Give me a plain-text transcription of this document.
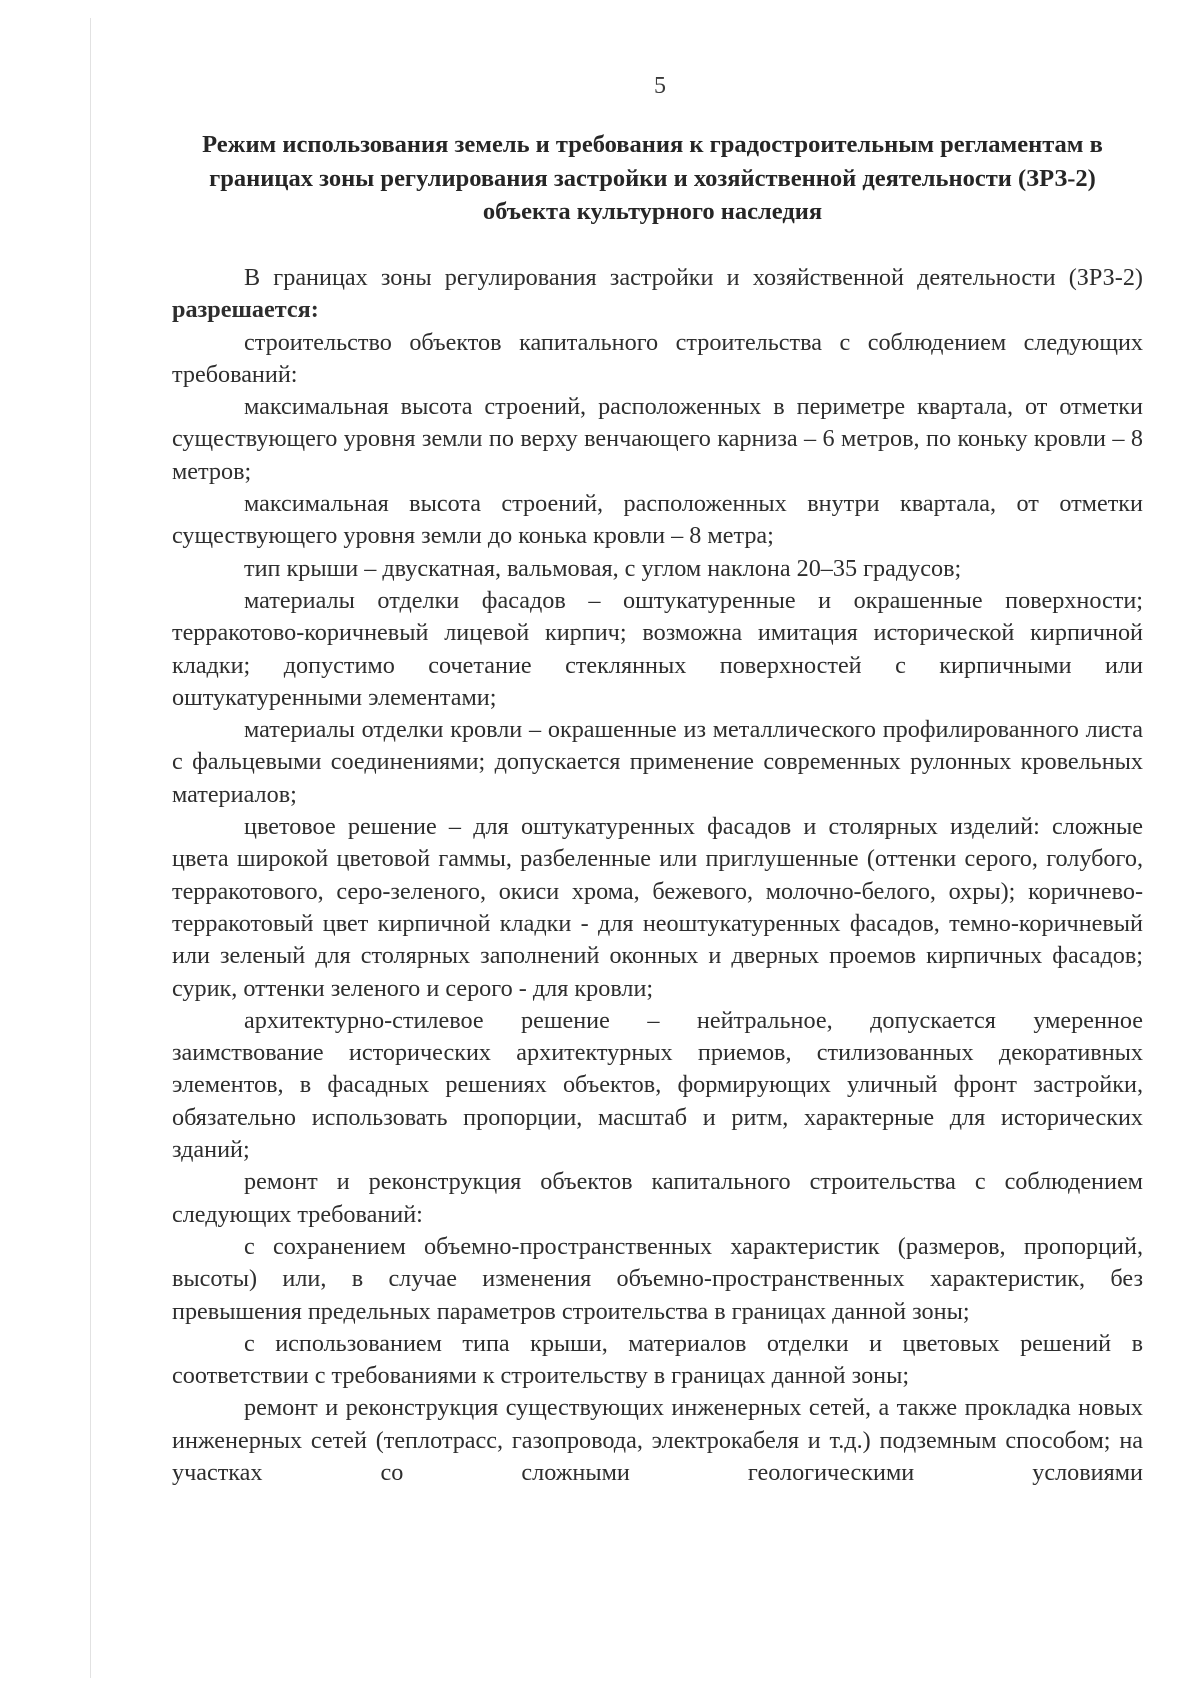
5
Режим использования земель и требования к градостроительным регламентам в границах зоны регулирования застройки и хозяйственной деятельности (ЗРЗ-2) объекта культурного наследия

В границах зоны регулирования застройки и хозяйственной деятельности (ЗРЗ-2) разрешается:

строительство объектов капитального строительства с соблюдением следующих требований:

максимальная высота строений, расположенных в периметре квартала, от отметки существующего уровня земли по верху венчающего карниза – 6 метров, по коньку кровли – 8 метров;

максимальная высота строений, расположенных внутри квартала, от отметки существующего уровня земли до конька кровли – 8 метра;

тип крыши – двускатная, вальмовая, с углом наклона 20–35 градусов;

материалы отделки фасадов – оштукатуренные и окрашенные поверхности; терракотово-коричневый лицевой кирпич; возможна имитация исторической кирпичной кладки; допустимо сочетание стеклянных поверхностей с кирпичными или оштукатуренными элементами;

материалы отделки кровли – окрашенные из металлического профилированного листа с фальцевыми соединениями; допускается применение современных рулонных кровельных материалов;

цветовое решение – для оштукатуренных фасадов и столярных изделий: сложные цвета широкой цветовой гаммы, разбеленные или приглушенные (оттенки серого, голубого, терракотового, серо-зеленого, окиси хрома, бежевого, молочно-белого, охры); коричнево-терракотовый цвет кирпичной кладки - для неоштукатуренных фасадов, темно-коричневый или зеленый для столярных заполнений оконных и дверных проемов кирпичных фасадов; сурик, оттенки зеленого и серого - для кровли;

архитектурно-стилевое решение – нейтральное, допускается умеренное заимствование исторических архитектурных приемов, стилизованных декоративных элементов, в фасадных решениях объектов, формирующих уличный фронт застройки, обязательно использовать пропорции, масштаб и ритм, характерные для исторических зданий;

ремонт и реконструкция объектов капитального строительства с соблюдением следующих требований:

с сохранением объемно-пространственных характеристик (размеров, пропорций, высоты) или, в случае изменения объемно-пространственных характеристик, без превышения предельных параметров строительства в границах данной зоны;

с использованием типа крыши, материалов отделки и цветовых решений в соответствии с требованиями к строительству в границах данной зоны;

ремонт и реконструкция существующих инженерных сетей, а также прокладка новых инженерных сетей (теплотрасс, газопровода, электрокабеля и т.д.) подземным способом; на участках со сложными геологическими условиями
